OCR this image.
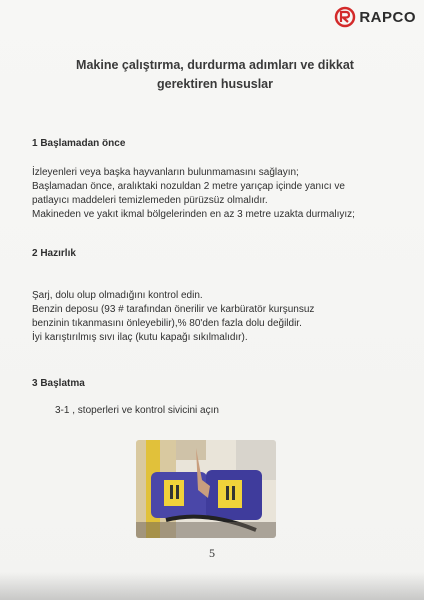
RAPCO
Makine çalıştırma, durdurma adımları ve dikkat
gerektiren hususlar
1 Başlamadan önce
İzleyenleri veya başka hayvanların bulunmamasını sağlayın;
Başlamadan önce, aralıktaki nozuldan 2 metre yarıçap içinde yanıcı ve
patlayıcı maddeleri temizlemeden pürüzsüz olmalıdır.
Makineden ve yakıt ikmal bölgelerinden en az 3 metre uzakta durmalıyız;
2 Hazırlık
Şarj, dolu olup olmadığını kontrol edin.
Benzin deposu (93 # tarafından önerilir ve karbüratör kurşunsuz
benzinin tıkanmasını önleyebilir),% 80'den fazla dolu değildir.
İyi karıştırılmış sıvı ilaç (kutu kapağı sıkılmalıdır).
3 Başlatma
3-1 , stoperleri ve kontrol sivicini açın
5
